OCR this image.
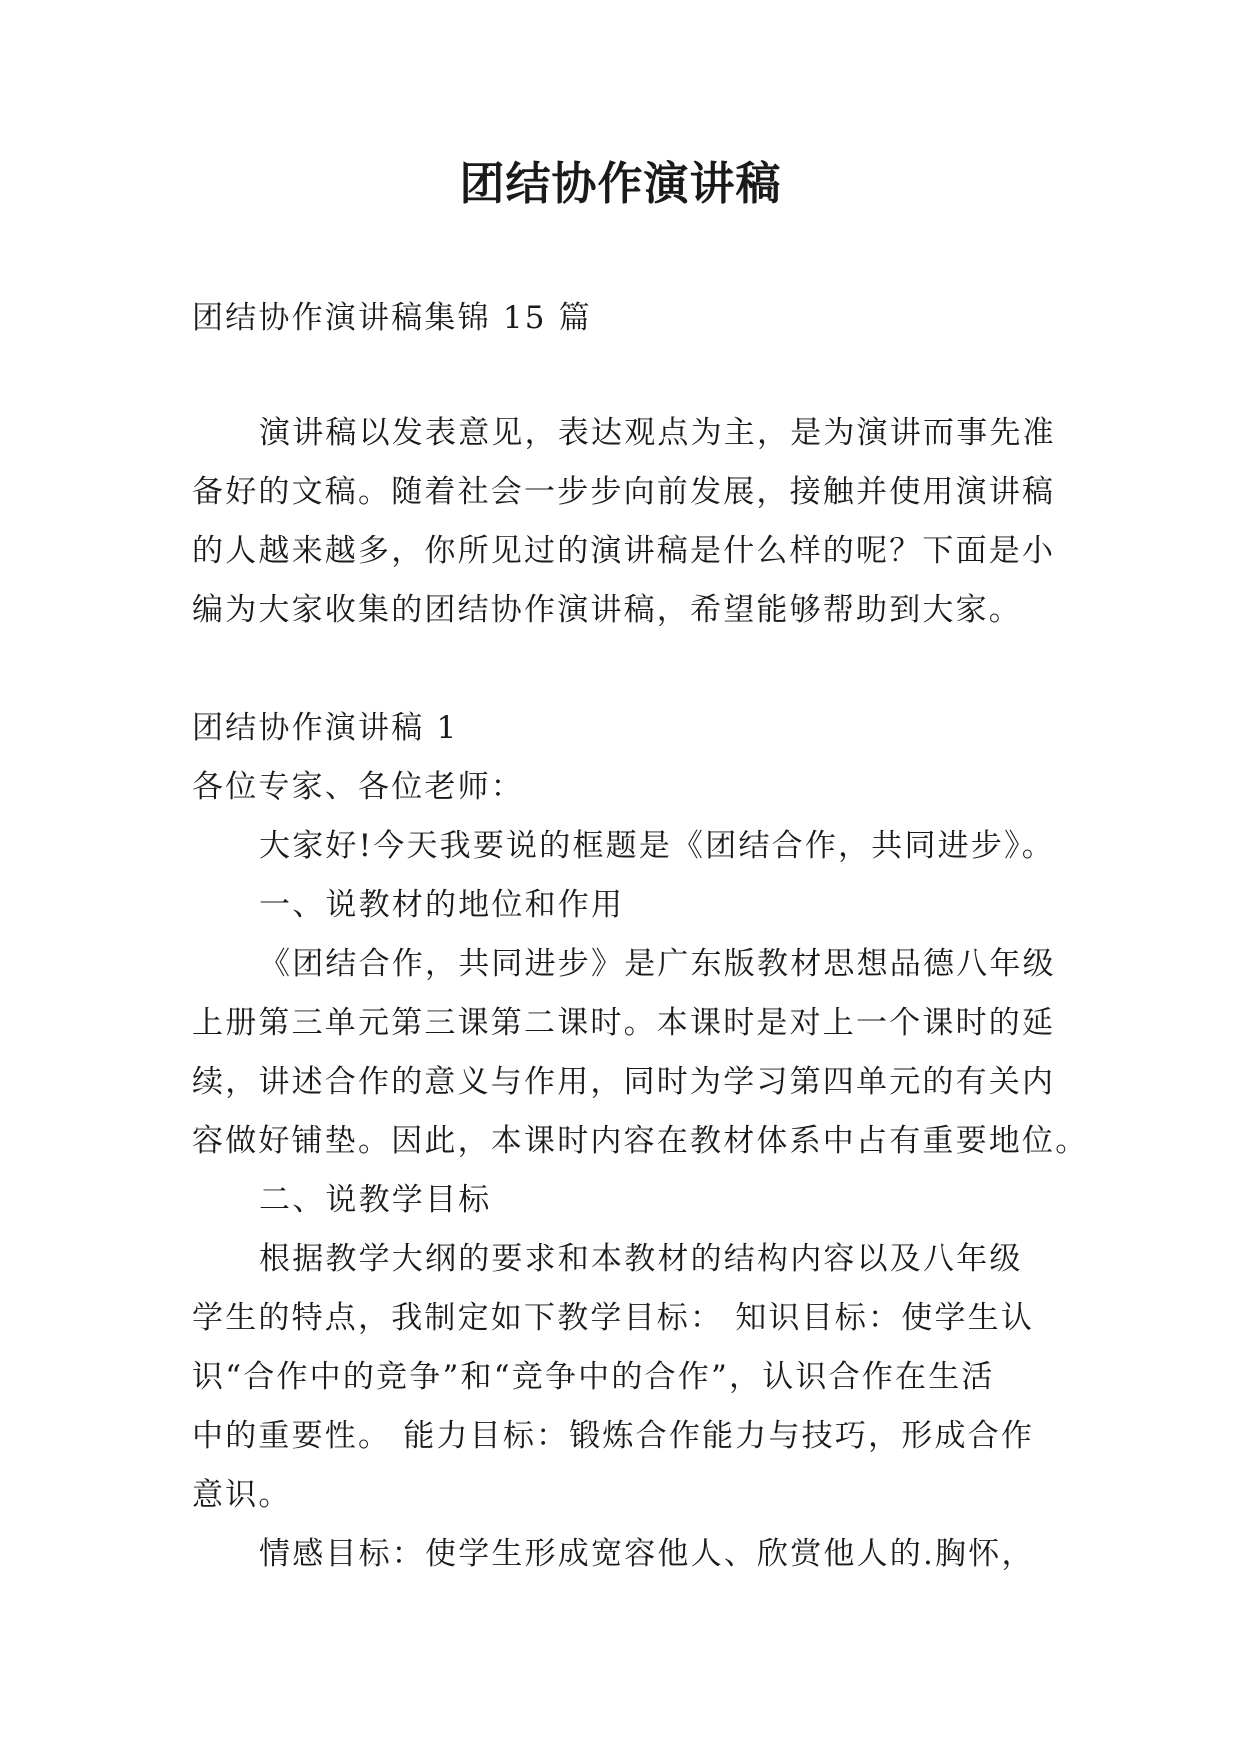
团结协作演讲稿
团结协作演讲稿集锦 15 篇
演讲稿以发表意见，表达观点为主，是为演讲而事先准
备好的文稿。随着社会一步步向前发展，接触并使用演讲稿
的人越来越多，你所见过的演讲稿是什么样的呢？下面是小
编为大家收集的团结协作演讲稿，希望能够帮助到大家。
团结协作演讲稿 1
各位专家、各位老师：
大家好!今天我要说的框题是《团结合作，共同进步》。
一、说教材的地位和作用
《团结合作，共同进步》是广东版教材思想品德八年级
上册第三单元第三课第二课时。本课时是对上一个课时的延
续，讲述合作的意义与作用，同时为学习第四单元的有关内
容做好铺垫。因此，本课时内容在教材体系中占有重要地位。
二、说教学目标
根据教学大纲的要求和本教材的结构内容以及八年级
学生的特点，我制定如下教学目标： 知识目标：使学生认
识“合作中的竞争”和“竞争中的合作”，认识合作在生活
中的重要性。 能力目标：锻炼合作能力与技巧，形成合作
意识。
情感目标：使学生形成宽容他人、欣赏他人的.胸怀，
